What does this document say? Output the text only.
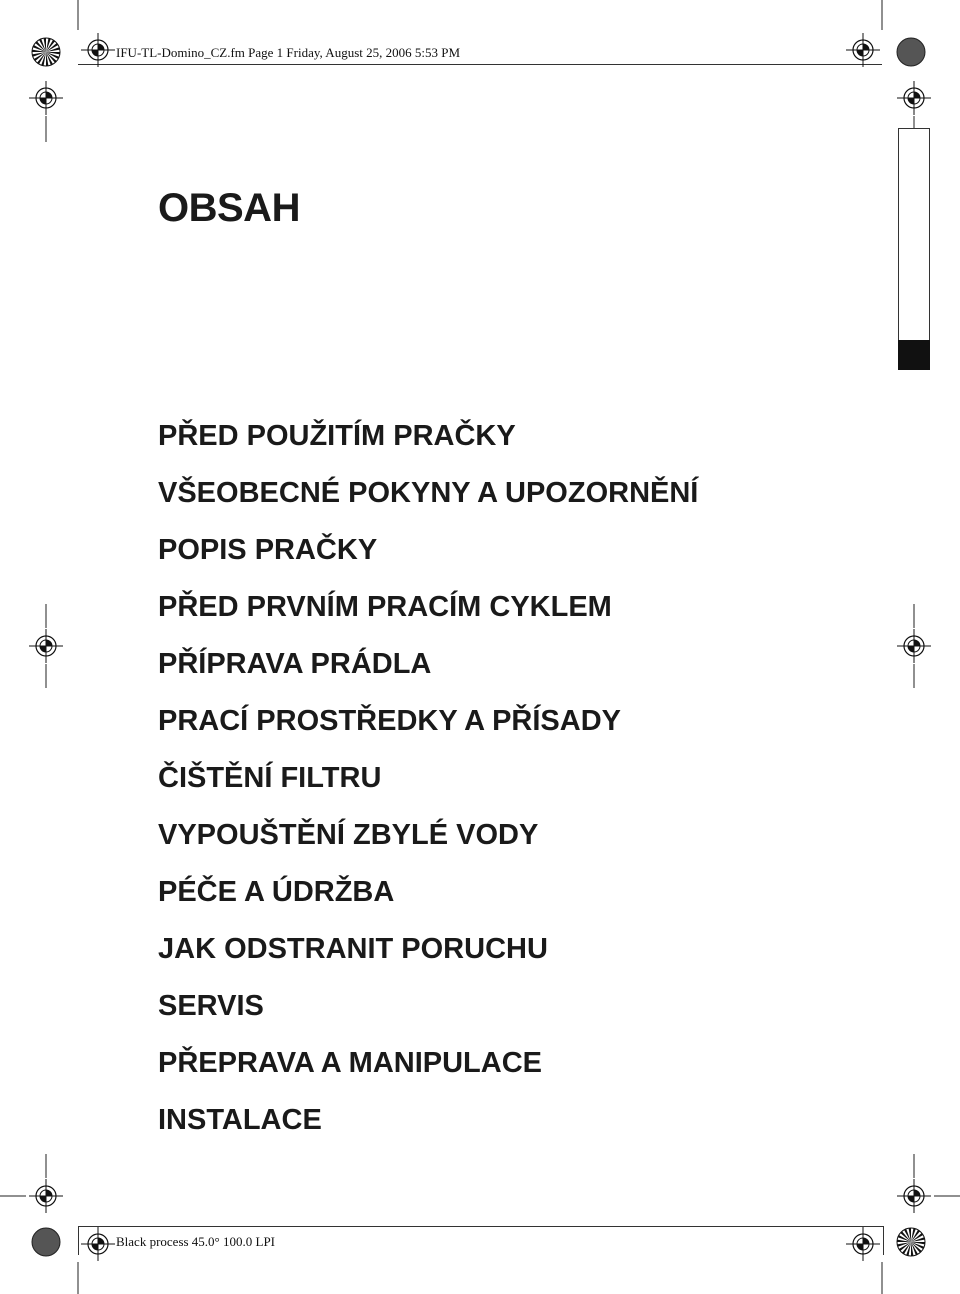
IFU-TL-Domino_CZ.fm Page 1 Friday, August 25, 2006 5:53 PM
Black process 45.0° 100.0 LPI
OBSAH
PŘED POUŽITÍM PRAČKY
VŠEOBECNÉ POKYNY A UPOZORNĚNÍ
POPIS PRAČKY
PŘED PRVNÍM PRACÍM CYKLEM
PŘÍPRAVA PRÁDLA
PRACÍ PROSTŘEDKY A PŘÍSADY
ČIŠTĚNÍ FILTRU
VYPOUŠTĚNÍ ZBYLÉ VODY
PÉČE A ÚDRŽBA
JAK ODSTRANIT PORUCHU
SERVIS
PŘEPRAVA A MANIPULACE
INSTALACE
